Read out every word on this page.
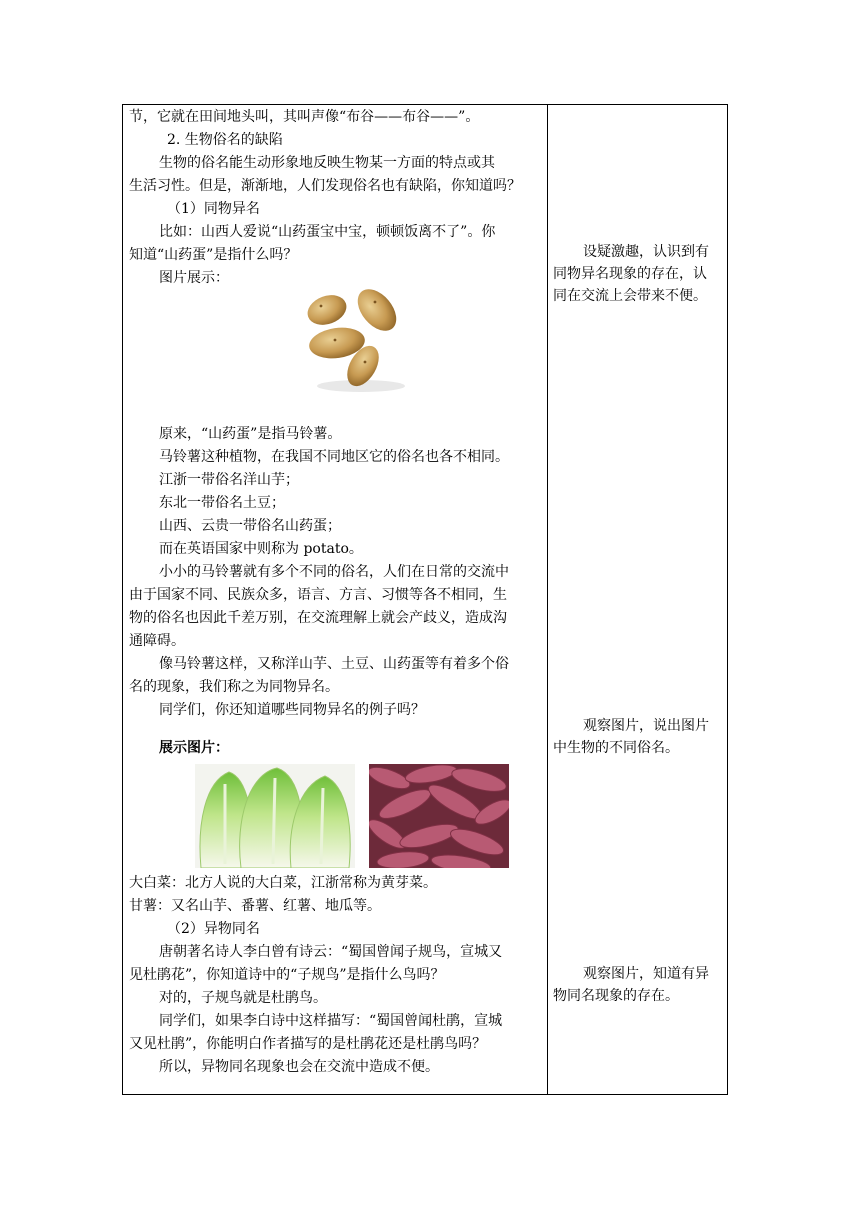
节，它就在田间地头叫，其叫声像“布谷——布谷——”。
2. 生物俗名的缺陷
生物的俗名能生动形象地反映生物某一方面的特点或其
生活习性。但是，渐渐地，人们发现俗名也有缺陷，你知道吗？
（1）同物异名
比如：山西人爱说“山药蛋宝中宝，顿顿饭离不了”。你
知道“山药蛋”是指什么吗？
图片展示：
原来，“山药蛋”是指马铃薯。
马铃薯这种植物，在我国不同地区它的俗名也各不相同。
江浙一带俗名洋山芋；
东北一带俗名土豆；
山西、云贵一带俗名山药蛋；
而在英语国家中则称为 potato。
小小的马铃薯就有多个不同的俗名，人们在日常的交流中
由于国家不同、民族众多，语言、方言、习惯等各不相同，生
物的俗名也因此千差万别，在交流理解上就会产歧义，造成沟
通障碍。
像马铃薯这样，又称洋山芋、土豆、山药蛋等有着多个俗
名的现象，我们称之为同物异名。
同学们，你还知道哪些同物异名的例子吗？
展示图片：
大白菜：北方人说的大白菜，江浙常称为黄芽菜。
甘薯：又名山芋、番薯、红薯、地瓜等。
（2）异物同名
唐朝著名诗人李白曾有诗云：“蜀国曾闻子规鸟，宣城又
见杜鹃花”，你知道诗中的“子规鸟”是指什么鸟吗？
对的，子规鸟就是杜鹃鸟。
同学们，如果李白诗中这样描写：“蜀国曾闻杜鹃，宣城
又见杜鹃”，你能明白作者描写的是杜鹃花还是杜鹃鸟吗？
所以，异物同名现象也会在交流中造成不便。
设疑激趣，认识到有
同物异名现象的存在，认
同在交流上会带来不便。
观察图片，说出图片
中生物的不同俗名。
观察图片，知道有异
物同名现象的存在。
